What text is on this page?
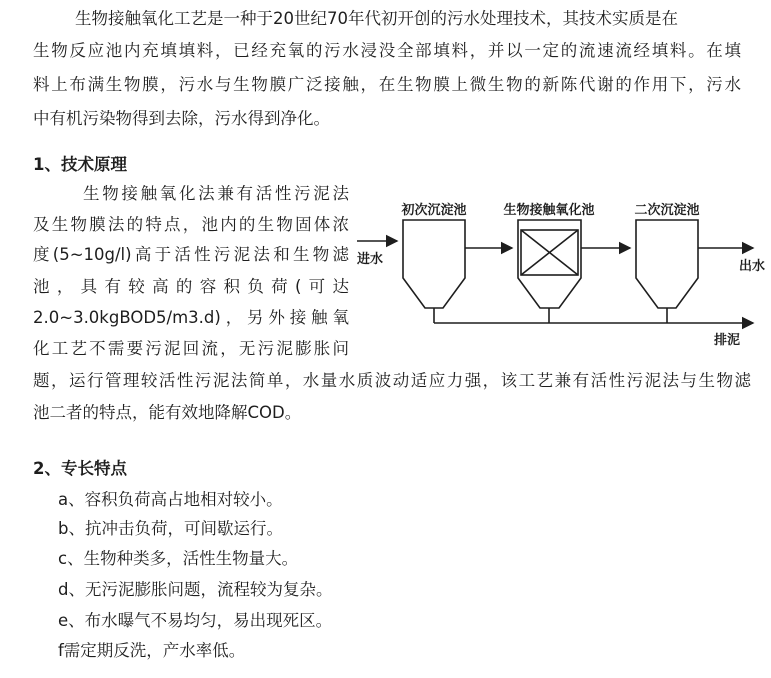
生物接触氧化工艺是一种于20世纪70年代初开创的污水处理技术，其技术实质是在

生物反应池内充填填料，已经充氧的污水浸没全部填料，并以一定的流速流经填料。在填

料上布满生物膜，污水与生物膜广泛接触，在生物膜上微生物的新陈代谢的作用下，污水

中有机污染物得到去除，污水得到净化。

1、技术原理

生物接触氧化法兼有活性污泥法

及生物膜法的特点，池内的生物固体浓

度(5~10g/l)高于活性污泥法和生物滤

池，具有较高的容积负荷(可达

2.0~3.0kgBOD5/m3.d)，另外接触氧

化工艺不需要污泥回流，无污泥膨胀问

题，运行管理较活性污泥法简单，水量水质波动适应力强，该工艺兼有活性污泥法与生物滤

池二者的特点，能有效地降解COD。

初次沉淀池	生物接触氧化池	二次沉淀池
进水	出水
排泥

2、专长特点

a、容积负荷高占地相对较小。

b、抗冲击负荷，可间歇运行。

c、生物种类多，活性生物量大。

d、无污泥膨胀问题，流程较为复杂。

e、布水曝气不易均匀，易出现死区。

f需定期反洗，产水率低。
